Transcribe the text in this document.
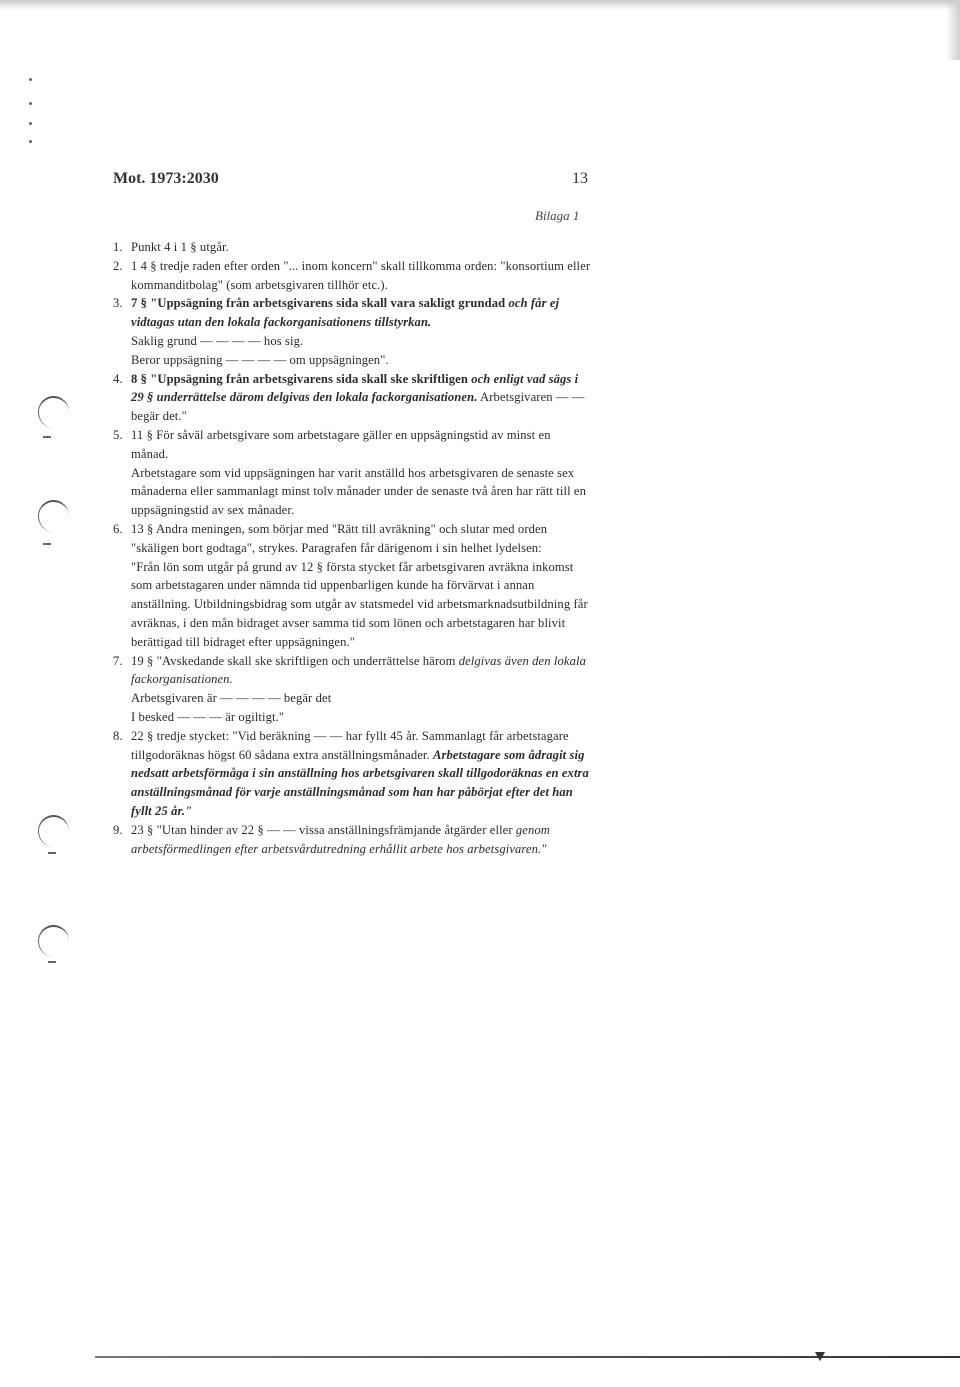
Mot. 1973:2030	13
Bilaga 1
1. Punkt 4 i 1 § utgår.
2. 1 4 § tredje raden efter orden "... inom koncern" skall tillkomma orden: "konsortium eller kommanditbolag" (som arbetsgivaren tillhör etc.).
3. 7 § "Uppsägning från arbetsgivarens sida skall vara sakligt grundad och får ej vidtagas utan den lokala fackorganisationens tillstyrkan.
Saklig grund — — — — hos sig.
Beror uppsägning — — — — om uppsägningen".
4. 8 § "Uppsägning från arbetsgivarens sida skall ske skriftligen och enligt vad sägs i 29 § underrättelse därom delgivas den lokala fackorganisationen. Arbetsgivaren — — begär det."
5. 11 § För såväl arbetsgivare som arbetstagare gäller en uppsägningstid av minst en månad.
Arbetstagare som vid uppsägningen har varit anställd hos arbetsgivaren de senaste sex månaderna eller sammanlagt minst tolv månader under de senaste två åren har rätt till en uppsägningstid av sex månader.
6. 13 § Andra meningen, som börjar med "Rätt till avräkning" och slutar med orden "skäligen bort godtaga", strykes. Paragrafen får därigenom i sin helhet lydelsen:
"Från lön som utgår på grund av 12 § första stycket får arbetsgivaren avräkna inkomst som arbetstagaren under nämnda tid uppenbarligen kunde ha förvärvat i annan anställning. Utbildningsbidrag som utgår av statsmedel vid arbetsmarknadsutbildning får avräknas, i den mån bidraget avser samma tid som lönen och arbetstagaren har blivit berättigad till bidraget efter uppsägningen."
7. 19 § "Avskedande skall ske skriftligen och underrättelse härom delgivas även den lokala fackorganisationen.
Arbetsgivaren är — — — — begär det
I besked — — — är ogiltigt."
8. 22 § tredje stycket: "Vid beräkning — — har fyllt 45 år. Sammanlagt får arbetstagare tillgodoräknas högst 60 sådana extra anställningsmånader. Arbetstagare som ådragit sig nedsatt arbetsförmåga i sin anställning hos arbetsgivaren skall tillgodoräknas en extra anställningsmånad för varje anställningsmånad som han har påbörjat efter det han fyllt 25 år."
9. 23 § "Utan hinder av 22 § — — vissa anställningsfrämjande åtgärder eller genom arbetsförmedlingen efter arbetsvårdutredning erhållit arbete hos arbetsgivaren."
